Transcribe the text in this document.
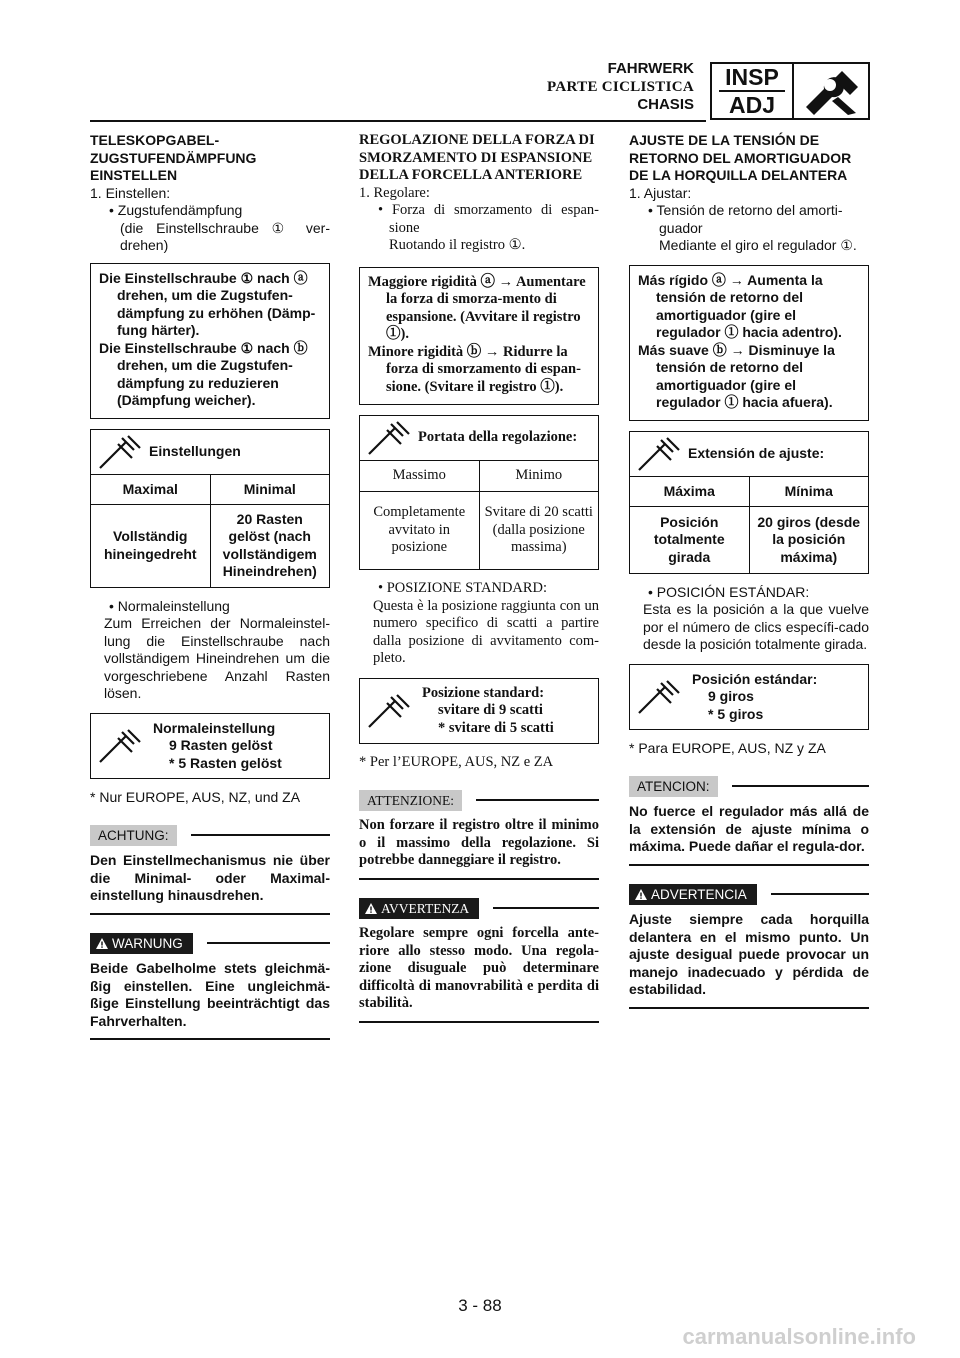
FAHRWERK
PARTE CICLISTICA
CHASIS
INSP
ADJ
TELESKOPGABEL-ZUGSTUFENDÄMPFUNG EINSTELLEN
1. Einstellen:
• Zugstufendämpfung
(die Einstellschraube ① ver-drehen)
Die Einstellschraube ① nach ⓐ drehen, um die Zugstufen-dämpfung zu erhöhen (Dämp-fung härter).
Die Einstellschraube ① nach ⓑ drehen, um die Zugstufen-dämpfung zu reduzieren (Dämpfung weicher).
Einstellungen
Maximal	Minimal
Vollständig hineingedreht	20 Rasten gelöst (nach vollständigem Hineindrehen)
• Normaleinstellung
Zum Erreichen der Normaleinstel-lung die Einstellschraube nach vollständigem Hineindrehen um die vorgeschriebene Anzahl Rasten lösen.
Normaleinstellung
9 Rasten gelöst
* 5 Rasten gelöst
* Nur EUROPE, AUS, NZ, und ZA
ACHTUNG:
Den Einstellmechanismus nie über die Minimal- oder Maximal-einstellung hinausdrehen.
WARNUNG
Beide Gabelholme stets gleichmä-ßig einstellen. Eine ungleichmä-ßige Einstellung beeinträchtigt das Fahrverhalten.
REGOLAZIONE DELLA FORZA DI SMORZAMENTO DI ESPANSIONE DELLA FORCELLA ANTERIORE
1. Regolare:
• Forza di smorzamento di espan-sione
Ruotando il registro ①.
Maggiore rigidità ⓐ → Aumentare la forza di smorza-mento di espansione. (Avvitare il registro ①).
Minore rigidità ⓑ → Ridurre la forza di smorzamento di espan-sione. (Svitare il registro ①).
Portata della regolazione:
Massimo	Minimo
Completamente avvitato in posizione	Svitare di 20 scatti (dalla posizione massima)
• POSIZIONE STANDARD:
Questa è la posizione raggiunta con un numero specifico di scatti a partire dalla posizione di avvitamento com-pleto.
Posizione standard:
svitare di 9 scatti
* svitare di 5 scatti
* Per l’EUROPE, AUS, NZ e ZA
ATTENZIONE:
Non forzare il registro oltre il minimo o il massimo della regolazione. Si potrebbe danneggiare il registro.
AVVERTENZA
Regolare sempre ogni forcella ante-riore allo stesso modo. Una regola-zione disuguale può determinare difficoltà di manovrabilità e perdita di stabilità.
AJUSTE DE LA TENSIÓN DE RETORNO DEL AMORTIGUADOR DE LA HORQUILLA DELANTERA
1. Ajustar:
• Tensión de retorno del amorti-guador
Mediante el giro el regulador ①.
Más rígido ⓐ → Aumenta la tensión de retorno del amortiguador (gire el regulador ① hacia adentro).
Más suave ⓑ → Disminuye la tensión de retorno del amortiguador (gire el regulador ① hacia afuera).
Extensión de ajuste:
Máxima	Mínima
Posición totalmente girada	20 giros (desde la posición máxima)
• POSICIÓN ESTÁNDAR:
Esta es la posición a la que vuelve por el número de clics específi-cado desde la posición totalmente girada.
Posición estándar:
9 giros
* 5 giros
* Para EUROPE, AUS, NZ y ZA
ATENCION:
No fuerce el regulador más allá de la extensión de ajuste mínima o máxima. Puede dañar el regula-dor.
ADVERTENCIA
Ajuste siempre cada horquilla delantera en el mismo punto. Un ajuste desigual puede provocar un manejo inadecuado y pérdida de estabilidad.
3 - 88
carmanualsonline.info
